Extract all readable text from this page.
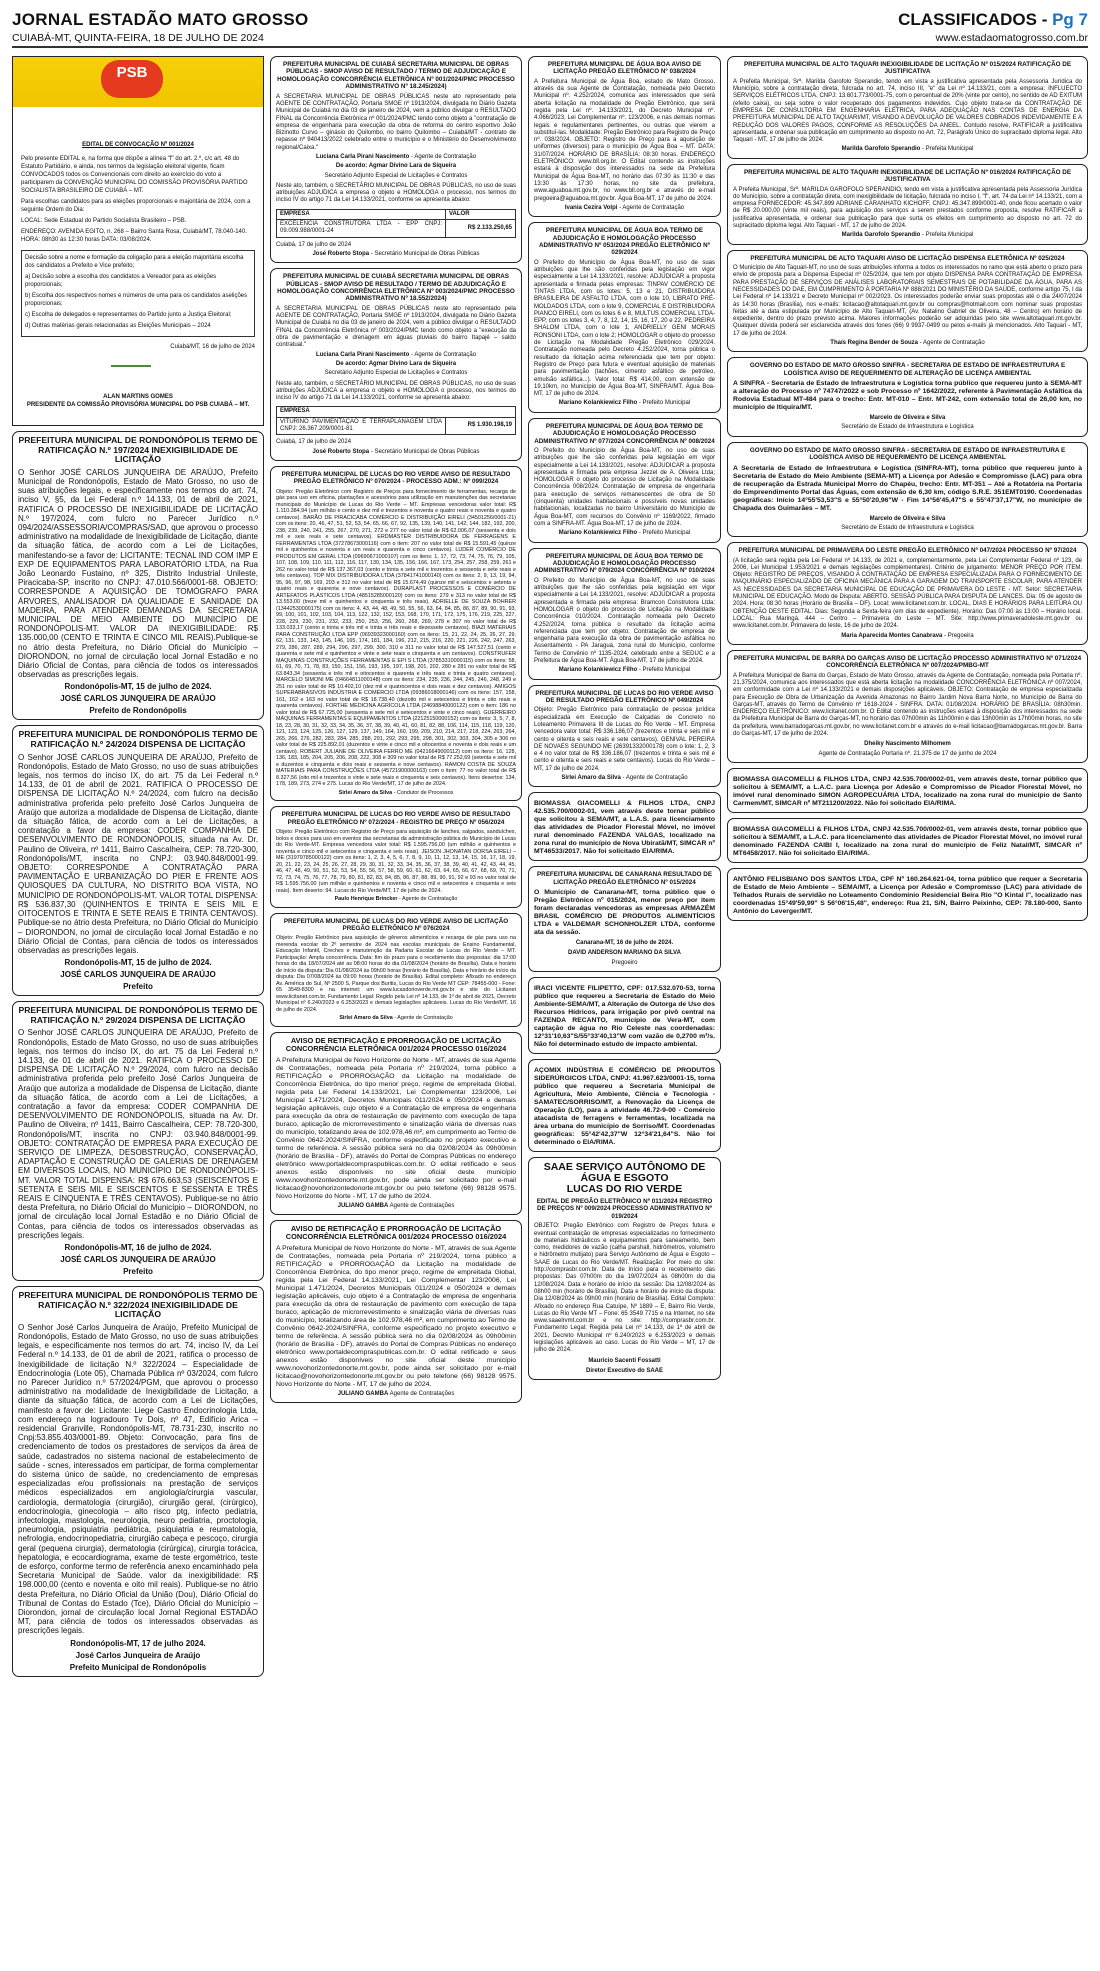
JORNAL ESTADÃO MATO GROSSO
CUIABÁ-MT, QUINTA-FEIRA, 18 DE JULHO DE 2024
CLASSIFICADOS - Pg 7
www.estadaomatogrosso.com.br
PSB
EDITAL DE CONVOCAÇÃO Nº 001/2024

Pelo presente EDITAL e, na forma que dispõe a alínea "f" do art. 2.º, c/c art. 48 do Estatuto Partidário, e ainda, nos termos da legislação eleitoral vigente, ficam CONVOCADOS todos os Convencionais com direito ao exercício do voto a participarem da CONVENÇÃO MUNICIPAL DO COMISSÃO PROVISÓRIA PARTIDO SOCIALISTA BRASILEIRO DE CUIABÁ – MT.

Para escolhas candidatos para as eleições proporcionais e majoritária de 2024, com a seguinte Ordem do Dia:

LOCAL: Sede Estadual do Partido Socialista Brasileiro – PSB.

ENDEREÇO: AVENIDA EGITO, n. 268 – Bairro Santa Rosa, Cuiabá/MT, 78.040-140. HORA: 08h30 às 12:30 horas DATA: 03/08/2024.

Decisão sobre a nome e formação da coligação para a eleição majoritária escolha dos candidatos a Prefeito e Vice prefeito;

a) Decisão sobre a escolha dos candidatos a Vereador para as eleições proporcionais;

b) Escolha dos respectivos nomes e números de uma para os candidatos aselições proporcionais;

c) Escolha de delegados e representantes do Partido junto a Justiça Eleitoral;

d) Outras matérias gerais relacionadas as Eleições Municipais – 2024

Cuiabá/MT, 16 de julho de 2024
ALAN MARTINS GOMES
PRESIDENTE DA COMISSÃO PROVISÓRIA MUNICIPAL DO PSB CUIABÁ – MT.
PREFEITURA MUNICIPAL DE RONDONÓPOLIS TERMO DE RATIFICAÇÃO N.º 197/2024 INEXIGIBILIDADE DE LICITAÇÃO
O Senhor JOSÉ CARLOS JUNQUEIRA DE ARAÚJO, Prefeito Municipal de Rondonópolis, Estado de Mato Grosso, no uso de suas atribuições legais, e especificamente nos termos do art. 74, inciso V, §5, da Lei Federal n.º 14.133, 01 de abril de 2021, RATIFICA O PROCESSO DE INEXIGIBILIDADE DE LICITAÇÃO N.º 197/2024, com fulcro no Parecer Jurídico n.º 094/2024/ASSESSORIA/COMPRAS/SAD, que aprovou o processo administrativo na modalidade de Inexigibilidade de Licitação, diante da situação fática, de acordo com a Lei de Licitações, manifestando-se a favor de: LICITANTE: TECNAL IND COM IMP E EXP DE EQUIPAMENTOS PARA LABORATÓRIO LTDA, na Rua João Leonardo Fustaino, nº 325, Distrito Industrial Unileste, Piracicaba-SP, inscrito no CNPJ: 47.010.566/0001-68. OBJETO: CORRESPONDE A AQUISIÇÃO DE TOMÓGRAFO PARA ÁRVORES, ANALISADOR DA QUALIDADE E SANIDADE DA MADEIRA, PARA ATENDER DEMANDAS DA SECRETARIA MUNICIPAL DE MEIO AMBIENTE DO MUNICÍPIO DE RONDONÓPOLIS-MT. VALOR DA INEXIGIBILIDADE: R$ 135.000,00 (CENTO E TRINTA E CINCO MIL REAIS).Publique-se no átrio desta Prefeitura, no Diário Oficial do Município – DIORONDON, no jornal de circulação local Jornal Estadão e no Diário Oficial de Contas, para ciência de todos os interessados observadas as prescrições legais.
Rondonópolis-MT, 15 de julho de 2024.
JOSÉ CARLOS JUNQUEIRA DE ARAÚJO
Prefeito de Rondonópolis
PREFEITURA MUNICIPAL DE RONDONÓPOLIS TERMO DE RATIFICAÇÃO N.º 24/2024 DISPENSA DE LICITAÇÃO
O Senhor JOSÉ CARLOS JUNQUEIRA DE ARAÚJO, Prefeito de Rondonópolis, Estado de Mato Grosso, no uso de suas atribuições legais, nos termos do inciso IX, do art. 75 da Lei Federal n.º 14.133, de 01 de abril de 2021. RATIFICA O PROCESSO DE DISPENSA DE LICITAÇÃO N.º 24/2024, com fulcro na decisão administrativa proferida pelo prefeito José Carlos Junqueira de Araújo que autoriza a modalidade de Dispensa de Licitação, diante da situação fática, de acordo com a Lei de Licitações, a contratação a favor da empresa: CODER COMPANHIA DE DESENVOLVIMENTO DE RONDONÓPOLIS, situada na Av. Dr. Paulino de Oliveira, nº 1411, Bairro Cascalheira, CEP: 78.720-300, Rondonópolis/MT, inscrita no CNPJ: 03.940.848/0001-99. OBJETO: CORRESPONDE A CONTRATAÇÃO PARA PAVIMENTAÇÃO E URBANIZAÇÃO DO PIER E FRENTE AOS QUIOSQUES DA CULTURA, NO DISTRITO BOA VISTA, NO MUNICÍPIO DE RONDONÓPOLIS-MT. VALOR TOTAL DISPENSA: R$ 536.837,30 (QUINHENTOS E TRINTA E SEIS MIL E OITOCENTOS E TRINTA E SETE REAIS E TRINTA CENTAVOS). Publique-se no átrio desta Prefeitura, no Diário Oficial do Município – DIORONDON, no jornal de circulação local Jornal Estadão e no Diário Oficial de Contas, para ciência de todos os interessados observadas as prescrições legais.
Rondonópolis-MT, 15 de julho de 2024.
JOSÉ CARLOS JUNQUEIRA DE ARAÚJO
Prefeito
PREFEITURA MUNICIPAL DE RONDONÓPOLIS TERMO DE RATIFICAÇÃO N.º 29/2024 DISPENSA DE LICITAÇÃO
O Senhor JOSÉ CARLOS JUNQUEIRA DE ARAÚJO, Prefeito de Rondonópolis, Estado de Mato Grosso, no uso de suas atribuições legais, nos termos do inciso IX, do art. 75 da Lei Federal n.º 14.133, de 01 de abril de 2021. RATIFICA O PROCESSO DE DISPENSA DE LICITAÇÃO N.º 29/2024, com fulcro na decisão administrativa proferida pelo prefeito José Carlos Junqueira de Araújo que autoriza a modalidade de Dispensa de Licitação, diante da situação fática, de acordo com a Lei de Licitações, a contratação a favor da empresa: CODER COMPANHIA DE DESENVOLVIMENTO DE RONDONÓPOLIS, situada na Av. Dr. Paulino de Oliveira, nº 1411, Bairro Cascalheira, CEP: 78.720-300, Rondonópolis/MT, inscrita no CNPJ: 03.940.848/0001-99. OBJETO: CONTRATAÇÃO DE EMPRESA PARA EXECUÇÃO DE SERVIÇO DE LIMPEZA, DESOBSTRUÇÃO, CONSERVAÇÃO, ADAPTAÇÃO E CONSTRUÇÃO DE GALERIAS DE DRENAGEM EM DIVERSOS LOCAIS, NO MUNICÍPIO DE RONDONÓPOLIS-MT. VALOR TOTAL DISPENSA: R$ 676.663,53 (SEISCENTOS E SETENTA E SEIS MIL E SEISCENTOS E SESSENTA E TRÊS REAIS E CINQUENTA E TRÊS CENTAVOS). Publique-se no átrio desta Prefeitura, no Diário Oficial do Município – DIORONDON, no jornal de circulação local Jornal Estadão e no Diário Oficial de Contas, para ciência de todos os interessados observadas as prescrições legais.
Rondonópolis-MT, 16 de julho de 2024.
JOSÉ CARLOS JUNQUEIRA DE ARAÚJO
Prefeito
PREFEITURA MUNICIPAL DE RONDONÓPOLIS TERMO DE RATIFICAÇÃO N.º 322/2024 INEXIGIBILIDADE DE LICITAÇÃO
O Senhor José Carlos Junqueira de Araújo, Prefeito Municipal de Rondonópolis, Estado de Mato Grosso, no uso de suas atribuições legais, e especificamente nos termos do art. 74, inciso IV, da Lei Federal n.º 14.133, de 01 de abril de 2021, ratifica o processo de Inexigibilidade de licitação N.º 322/2024 – Especialidade de Endocrinologia (Lote 05), Chamada Pública nº 03/2024, com fulcro no Parecer Jurídico n.º 57/2024/PGM, que aprovou o processo administrativo na modalidade de Inexigibilidade de Licitação, a diante da situação fática, de acordo com a Lei de Licitações, manifesto a favor de: Licitante: Liege Castro Endocrinologia Ltda, com endereço na logradouro Tv Dois, nº 47, Edifício Arica – residencial Granville, Rondonópolis-MT, 78.731-230, inscrito no Cnpj:53.855.403/0001-89. Objeto: Convocação, para fins de credenciamento de todos os prestadores de serviços da área de saúde, cadastrados no sistema nacional de estabelecimento de saúde - scnes, interessados em participar, de forma complementar do sistema único de saúde, no credenciamento de empresas especializadas e/ou profissionais na prestação de serviços médicos especializados em angiologia/cirurgia vascular, cardiologia, dermatologia (cirurgião), cirurgião geral, (cirúrgico), endocrinologia, ginecologia – alto risco ptg, infecto pediatria, infectologia, mastologia, neurologia, neuro pediatria, proctologia, pneumologia, psiquiatria pediátrica, psiquiatria e reumatologia, nefrologia, endocrinopediatria, cirurgião cabeça e pescoço, cirurgia geral (pequena cirurgia), dermatologia (cirúrgica), cirurgia torácica, hepatologia, e ecocardiograma, exame de teste ergométrico, teste de esforço, conforme termo de referência anexo encaminhado pela Secretaria Municipal de Saúde. valor da inexigibilidade: R$ 198.000,00 (cento e noventa e oito mil reais). Publique-se no átrio desta Prefeitura, no Diário Oficial da União (Dou), Diário Oficial do Tribunal de Contas do Estado (Tce), Diário Oficial do Município – Diorondon, jornal de circulação local Jornal Regional ESTADÃO MT, para ciência de todos os interessados observadas as prescrições legais.
Rondonópolis-MT, 17 de julho 2024.
José Carlos Junqueira de Araújo
Prefeito Municipal de Rondonópolis
PREFEITURA MUNICIPAL DE CUIABÁ SECRETARIA MUNICIPAL DE OBRAS PÚBLICAS - SMOP AVISO DE RESULTADO / TERMO DE ADJUDICAÇÃO E HOMOLOGAÇÃO CONCORRÊNCIA ELETRÔNICA Nº 001/2024/PMC PROCESSO ADMINISTRATIVO Nº 18.245/2024)
A SECRETARIA MUNICIPAL DE OBRAS PÚBLICAS neste ato representado pela AGENTE DE CONTRATAÇÃO, Portaria SMGE nº 1913/2024, divulgada no Diário Gazeta Municipal de Cuiabá no dia 03 de janeiro de 2024, vem a público divulgar o RESULTADO FINAL da Concorrência Eletrônica nº 001/2024/PMC tendo como objeto a "contratação de empresa de engenharia para execução da obra de reforma do centro esportivo João Bizinotto Curvo – ginásio do Quilombo, no bairro Quilombo – Cuiabá/MT - contrato de repasse nº 940413/2022 celebrado entre o município e o Ministério do Desenvolvimento regional/Caixa."
Luciana Carla Pirani Nascimento - Agente de Contratação
De acordo: Agmar Divino Lara de Siqueira
Secretário Adjunto Especial de Licitações e Contratos
Neste ato, também, o SECRETÁRIO MUNICIPAL DE OBRAS PÚBLICAS, no uso de suas atribuições ADJUDICA a empresa o objeto e HOMOLOGA o processo, nos termos do inciso IV do artigo 71 da Lei 14.133/2021, conforme se apresenta abaixo:
EMPRESA	VALOR
EXCELÊNCIA CONSTRUTORA LTDA - EPP CNPJ: 09.009.988/0001-24	R$ 2.133.250,65
Cuiabá, 17 de julho de 2024
José Roberto Stopa - Secretário Municipal de Obras Públicas
PREFEITURA MUNICIPAL DE CUIABÁ SECRETARIA MUNICIPAL DE OBRAS PÚBLICAS - SMOP AVISO DE RESULTADO / TERMO DE ADJUDICAÇÃO E HOMOLOGAÇÃO CONCORRÊNCIA ELETRÔNICA Nº 003/2024/PMC PROCESSO ADMINISTRATIVO Nº 18.552/2024)
A SECRETARIA MUNICIPAL DE OBRAS PÚBLICAS neste ato representado pela AGENTE DE CONTRATAÇÃO, Portaria SMGE nº 1913/2024, divulgada no Diário Gazeta Municipal de Cuiabá no dia 03 de janeiro de 2024, vem a público divulgar o RESULTADO FINAL da Concorrência Eletrônica nº 003/2024/PMC tendo como objeto a "execução da obra de pavimentação e drenagem em águas pluviais do bairro Itapajé – saldo contratual."
Luciana Carla Pirani Nascimento - Agente de Contratação
De acordo: Agmar Divino Lara de Siqueira
Secretário Adjunto Especial de Licitações e Contratos
Neste ato, também, o SECRETÁRIO MUNICIPAL DE OBRAS PÚBLICAS, no uso de suas atribuições ADJUDICA a empresa o objeto e HOMOLOGA o processo, nos termos do inciso IV do artigo 71 da Lei 14.133/2021, conforme se apresenta abaixo:
EMPRESA
VITURINO PAVIMENTAÇÃO E TERRAPLANAGEM LTDA CNPJ: 26.367.209/0001-81	R$ 1.930.198,19
Cuiabá, 17 de julho de 2024
José Roberto Stopa - Secretário Municipal de Obras Públicas
PREFEITURA MUNICIPAL DE LUCAS DO RIO VERDE AVISO DE RESULTADO PREGÃO ELETRÔNICO Nº 070/2024 - PROCESSO ADM.: Nº 099/2024
Objeto: Pregão Eletrônico com Registro de Preços para fornecimento de ferramentas, recarga de gás para uso em oficina, plantações e acessórios para utilização em manutenções das secretarias municipais do Município de Lucas do Rio Verde – MT. Empresas vencedoras valor total: R$ 1.110.384,94 (um milhão e cento e dez mil e trezentos e noventa e quatro reais e noventa e quatro centavos). BARÃO DE PIRACICABA COMÉRCIO E DISTRIBUIÇÃO EIRELI (34501256/0001-21) com os itens: 20, 46, 47, 51, 52, 53, 54, 65, 66, 67, 92, 135, 139, 140, 141, 142, 144, 182, 192, 200, 238, 239, 240, 241, 255, 267, 270, 271, 272 e 277 no valor total de R$ 62.006,07 (sessenta e dois mil e seis reais e sete centavos). ERDMASTER DISTRIBUIDORA DE FERRAGENS E FERRAMENTAS LTDA (37278673000116) com o item: 207 no valor total de R$ 15.591,45 (quinze mil e quinhentos e noventa e um reais e quarenta e cinco centavos). LUDER COMÉRCIO DE PRODUTOS EM GERAL LTDA (09690671000107) com os itens: 1, 17, 72, 73, 74, 75, 76, 79, 105, 107, 108, 109, 110, 111, 112, 116, 117, 130, 134, 135, 156, 166, 167, 173, 254, 257, 258, 259, 261 e 262 no valor total de R$ 137.367,03 (cento e trinta e sete mil e trezentos e sessenta e sete reais e três centavos). TOP MIX DISTRIBUIDORA LTDA (37841741000140) com os itens: 2, 9, 13, 19, 94, 95, 96, 97, 98, 169, 203 e 312 no valor total de R$ 15.674,49 (quinze mil e seiscentos e setenta e quatro reais e quarenta e nove centavos). DURAPLAST PROCESSOS E COMÉRCIO DE ARTEFATOS PLÁSTICOS LTDA (48515285000120) com os itens: 279 e 313 no valor total de R$ 13.553,00 (treze mil e quinhentos e cinquenta e três reais). ADRIELLE DE SOUZA BOHRER (13442530000175) com os itens: 4, 43, 44, 48, 49, 50, 55, 56, 63, 64, 84, 85, 86, 87, 89, 90, 91, 93, 99, 100, 101, 102, 103, 104, 113, 122, 132, 152, 153, 168, 170, 171, 172, 175, 176, 219, 225, 227, 228, 229, 230, 231, 232, 233, 250, 253, 256, 260, 268, 269, 278 e 307 no valor total de R$ 133.033,17 (cento e trinta e três mil e trinta e três reais e dezessete centavos). BIAZI MATERIAIS PARA CONSTRUÇÃO LTDA EPP (06939323000160) com os itens: 15, 21, 22, 24, 25, 26, 27, 29, 62, 131, 133, 143, 145, 146, 165, 174, 181, 184, 196, 212, 215, 216, 220, 221, 226, 242, 247, 263, 279, 286, 287, 289, 294, 296, 297, 299, 300, 310 e 311 no valor total de R$ 147.527,51 (cento e quarenta e sete mil e quinhentos e vinte e sete reais e cinquenta e um centavos). CONSTRUFER MAQUINAS CONSTRUÇÕES FERRAMENTAS E EPI S LTDA (37853310000115) com os itens: 58, 61, 69, 70, 71, 78, 83, 150, 151, 156, 193, 195, 197, 198, 201, 202, 280 e 281 no valor total de R$ 63.843,34 (sessenta e três mil e oitocentos e quarenta e três reais e trinta e quatro centavos). MARCELO SIMONI ME (04664811000148) com os itens: 234, 235, 236, 244, 245, 246, 248, 249 e 251 no valor total de R$ 10.402,10 (dez mil e quatrocentos e dois reais e dez centavos). AMIGOS SUPERABRASIVOS INDÚSTRIA E COMÉRCIO LTDA (09386018000146) com os itens: 157, 158, 161, 162 e 163 no valor total de R$ 18.738,40 (dezoito mil e setecentos e trinta e oito reais e quarenta centavos). FORTHE MEDICINA AGRÍCOLA LTDA (24698840000122) com o item: 186 no valor total de R$ 67.725,00 (sessenta e sete mil e setecentos e vinte e cinco reais). GUERREIRO MÁQUINAS FERRAMENTAS E EQUIPAMENTOS LTDA (22125150000152) com os itens: 3, 5, 7, 8, 18, 23, 28, 30, 31, 32, 33, 34, 35, 36, 37, 38, 39, 40, 41, 60, 81, 82, 88, 106, 114, 115, 118, 119, 120, 121, 123, 124, 125, 126, 127, 129, 137, 149, 164, 160, 199, 209, 210, 214, 217, 218, 224, 263, 264, 265, 266, 276, 282, 283, 284, 285, 288, 291, 292, 293, 295, 298, 301, 302, 303, 304, 305 e 306 no valor total de R$ 225.892,01 (duzentos e vinte e cinco mil e oitocentos e noventa e dois reais e um centavo). ROBERT JULIANE DE OLIVEIRA FERRO ME (04216649000112) com os itens: 16, 128, 136, 183, 185, 204, 205, 206, 208, 222, 308 e 309 no valor total de R$ 77.252,69 (setenta e sete mil e duzentos e cinquenta e dois reais e sessenta e nove centavos). RAMON COSTA DE SOUZA MATERIAIS PARA CONSTRUÇÕES LTDA (45721900000163) com o item: 77 no valor total de R$ 8.327,56 (oito mil e trezentos e vinte e sete reais e cinquenta e seis centavos). Itens desertos: 134, 178, 189, 273, 274 e 275. Lucas do Rio Verde/MT, 17 de julho de 2024.
Sirlei Amaro da Silva - Condutor de Processos
PREFEITURA MUNICIPAL DE LUCAS DO RIO VERDE AVISO DE RESULTADO PREGÃO ELETRÔNICO Nº 072/2024 - REGISTRO DE PREÇO Nº 056/2024
Objeto: Pregão Eletrônico com Registro de Preço para aquisição de lanches, salgados, sanduíches, bolos e doces para uso em eventos das secretarias da administração pública do Município de Lucas do Rio Verde-MT. Empresa vencedora valor total: R$ 1.595.756,00 (um milhão e quinhentos e noventa e cinco mil e setecentos e cinquenta e seis reais). JEISON JHONATAN DORSA EIRELI – ME (31979785000122) com os itens: 1, 2, 3, 4, 5, 6, 7, 8, 9, 10, 11, 12, 13, 14, 15, 16, 17, 18, 19, 20, 21, 22, 23, 24, 25, 26, 27, 28, 29, 30, 31, 32, 33, 34, 35, 36, 37, 38, 39, 40, 41, 42, 43, 44, 45, 46, 47, 48, 49, 50, 51, 52, 53, 54, 55, 56, 57, 58, 59, 60, 61, 62, 63, 64, 65, 66, 67, 68, 69, 70, 71, 72, 73, 74, 75, 76, 77, 78, 79, 80, 81, 82, 83, 84, 85, 86, 87, 88, 89, 90, 91, 92 e 93 no valor total de R$ 1.595.756,00 (um milhão e quinhentos e noventa e cinco mil e setecentos e cinquenta e seis reais). Item deserto: 94. Lucas do Rio Verde/MT, 17 de julho de 2024.
Paulo Henrique Brincker - Agente de Contratação
PREFEITURA MUNICIPAL DE LUCAS DO RIO VERDE AVISO DE LICITAÇÃO PREGÃO ELETRÔNICO Nº 076/2024
Objeto: Pregão Eletrônico para aquisição de gêneros alimentícios e recarga de gás para uso na merenda escolar do 2º semestre de 2024 nas escolas municipais de Ensino Fundamental, Educação Infantil, Creches e manutenção da Padaria Escolar de Lucas do Rio Verde – MT. Participação: Ampla concorrência. Data: fim do prazo para o recebimento das propostas: dia 17:00 horas do dia 18/07/2024 até as 08:00 horas do dia 01/08/2024 (horário de Brasília). Data e horário de início da disputa: Dia 01/08/2024 às 09h00 horas (horário de Brasília). Data e horário de início da disputa: Dia 07/08/2024 às 09:00 horas (horário de Brasília). Edital completo: Afixado no endereço Av. América do Sul, Nº 2500 S, Parque dos Buritis, Lucas do Rio Verde MT CEP: 78455-000 - Fone: 65 3549-8300 e na internet: um www.lucasdorioverde.mt.gov.br e site do Licitanet www.licitanet.com.br. Fundamento Legal: Regido pela Lei nº 14.133, de 1º de abril de 2021, Decreto Municipal nº 6.240/2023 e 6.253/2023 e demais legislações aplicáveis. Lucas do Rio Verde/MT, 16 de julho de 2024.
Sirlei Amaro da Silva - Agente de Contratação
AVISO DE RETIFICAÇÃO E PRORROGAÇÃO DE LICITAÇÃO CONCORRÊNCIA ELETRÔNICA 001/2024 PROCESSO 016/2024
A Prefeitura Municipal de Novo Horizonte do Norte - MT, através de sua Agente de Contratações, nomeada pela Portaria nº 219/2024, torna público a RETIFICAÇÃO e PRORROGAÇÃO da Licitação na modalidade de Concorrência Eletrônica, do tipo menor preço, regime de empreitada Global, regida pela Lei Federal 14.133/2021, Lei Complementar 123/2006, Lei Municipal 1.471/2024, Decretos Municipais 011/2024 e 050/2024 e demais legislação aplicáveis, cujo objeto é a Contratação de empresa de engenharia para execução da obra de restauração de pavimento com execução de tapa buraco, aplicação de microrrevestimento e sinalização viária de diversas ruas do município, totalizando área de 102.978,46 m², em cumprimento ao Termo de Convênio 0642-2024/SINFRA, conforme especificado no projeto executivo e termo de referência. A sessão pública será no dia 02/08/2024 às 09h00min (horário de Brasília - DF), através do Portal de Compras Públicas no endereço eletrônico www.portaldecompraspublicas.com.br. O edital retificado e seus anexos estão disponíveis no site oficial deste município www.novohorizontedonorte.mt.gov.br, pode ainda ser solicitado por e-mail licitacao@novohorizontedonorte.mt.gov.br ou pelo telefone (66) 98128 9575. Novo Horizonte do Norte - MT, 17 de julho de 2024.
JULIANO GAMBA Agente de Contratações
AVISO DE RETIFICAÇÃO E PRORROGAÇÃO DE LICITAÇÃO CONCORRÊNCIA ELETRÔNICA 001/2024 PROCESSO 016/2024
A Prefeitura Municipal de Novo Horizonte do Norte - MT, através de sua Agente de Contratações, nomeada pela Portaria nº 219/2024, torna público a RETIFICAÇÃO e PRORROGAÇÃO da Licitação na modalidade de Concorrência Eletrônica, do tipo menor preço, regime de empreitada Global, regida pela Lei Federal 14.133/2021, Lei Complementar 123/2006, Lei Municipal 1.471/2024, Decretos Municipais 011/2024 e 050/2024 e demais legislação aplicáveis, cujo objeto é a Contratação de empresa de engenharia para execução da obra de restauração de pavimento com execução de tapa buraco, aplicação de microrrevestimento e sinalização viária de diversas ruas do município, totalizando área de 102.978,46 m², em cumprimento ao Termo de Convênio 0642-2024/SINFRA, conforme especificado no projeto executivo e termo de referência. A sessão pública será no dia 02/08/2024 às 09h00min (horário de Brasília - DF), através do Portal de Compras Públicas no endereço eletrônico www.portaldecompraspublicas.com.br. O edital retificado e seus anexos estão disponíveis no site oficial deste município www.novohorizontedonorte.mt.gov.br, pode ainda ser solicitado por e-mail licitacao@novohorizontedonorte.mt.gov.br ou pelo telefone (66) 98128 9575. Novo Horizonte do Norte - MT, 17 de julho de 2024.
JULIANO GAMBA Agente de Contratações
PREFEITURA MUNICIPAL DE ÁGUA BOA AVISO DE LICITAÇÃO PREGÃO ELETRÔNICO Nº 038/2024
A Prefeitura Municipal de Água Boa, estado de Mato Grosso, através da sua Agente de Contratação, nomeada pelo Decreto Municipal nº. 4.252/2024, comunica aos interessados que será aberta licitação na modalidade de Pregão Eletrônico, que será regida pela Lei nº. 14.133/2021, do Decreto Municipal nº. 4.066/2023, Lei Complementar nº. 123/2006, e nas demais normas legais e regulamentares pertinentes, ou outras que vierem a substituí-las. Modalidade: Pregão Eletrônico para Registro de Preço nº. 038/2024. OBJETO: Registro de Preço para a aquisição de uniformes (diversos) para o município de Água Boa – MT. DATA: 31/07/2024. HORÁRIO DE BRASÍLIA: 08:30 horas. ENDEREÇO ELETRÔNICO: www.bll.org.br. O Edital contendo as instruções estará à disposição dos interessados na sede da Prefeitura Municipal de Água Boa-MT, no horário das 07:30 às 11:30 e das 13:30 às 17:30 horas, no site da prefeitura, www.aguaboa.mt.gov.br, no www.bll.org.br e através do e-mail pregoeira@aguaboa.mt.gov.br. Água Boa-MT, 17 de julho de 2024.
Ivania Cezira Volpi - Agente de Contratação
PREFEITURA MUNICIPAL DE ÁGUA BOA TERMO DE ADJUDICAÇÃO E HOMOLOGAÇÃO PROCESSO ADMINISTRATIVO Nº 053/2024 PREGÃO ELETRÔNICO Nº 029/2024
O Prefeito do Município de Água Boa-MT, no uso de suas atribuições que lhe são conferidas pela legislação em vigor especialmente a Lei 14.133/2021, resolve: ADJUDICAR a proposta apresentada e firmada pelas empresas: TINPAV COMÉRCIO DE TINTAS LTDA, com os lotes: 5, 13 e 21, DISTRIBUIDORA BRASILEIRA DE ASFALTO LTDA, com o lote 10, LIBRATO PRÉ-MOLDADOS LTDA, com o lote 9, COMERCIAL E DISTRIBUIDORA PIANCO EIRELI, com os lotes 6 e 8, MULTUS COMERCIAL LTDA-EPP, com os lotes 3, 4, 7, 8, 12, 14, 15, 16, 17, 20 e 22, PEDREIRA SHALOM LTDA, com o lote 1, ANDRIELLY GENI MORAIS RONSONI LTDA, com o lote 2; HOMOLOGAR o objeto do processo de Licitação na Modalidade Pregão Eletrônico 029/2024. Contratação nomeada pelo Decreto 4.252/2024, torna pública o resultado da licitação acima referenciada que tem por objeto: Registro de Preço para futura e eventual aquisição de materiais para pavimentação (tachões, cimento asfáltico de petróleo, emulsão asfáltica...). Valor total: R$ 414,00, com extensão de 19,10km, no Município de Água Boa-MT, SINFRA/MT. Água Boa-MT, 17 de julho de 2024.
Mariano Kolankiewicz Filho - Prefeito Municipal
PREFEITURA MUNICIPAL DE ÁGUA BOA TERMO DE ADJUDICAÇÃO E HOMOLOGAÇÃO PROCESSO ADMINISTRATIVO Nº 077/2024 CONCORRÊNCIA Nº 008/2024
O Prefeito do Município de Água Boa-MT, no uso de suas atribuições que lhe são conferidas pela legislação em vigor especialmente a Lei 14.133/2021, resolve: ADJUDICAR a proposta apresentada e firmada pela empresa Jezzel de A. Oliveira Ltda; HOMOLOGAR o objeto do processo de Licitação na Modalidade Concorrência 008/2024. Contratação de empresa de engenharia para execução de serviços remanescentes de obra de 50 (cinquenta) unidades habitacionais e possíveis novas unidades habitacionais, localizadas no bairro Universitário do Município de Água Boa-MT, com recursos do Convênio nº 1169/2022, firmado com a SINFRA-MT. Água Boa-MT, 17 de julho de 2024.
Mariano Kolankiewicz Filho - Prefeito Municipal
PREFEITURA MUNICIPAL DE ÁGUA BOA TERMO DE ADJUDICAÇÃO E HOMOLOGAÇÃO PROCESSO ADMINISTRATIVO Nº 079/2024 CONCORRÊNCIA Nº 010/2024
O Prefeito do Município de Água Boa-MT, no uso de suas atribuições que lhe são conferidas pela legislação em vigor especialmente a Lei 14.133/2021, resolve: ADJUDICAR a proposta apresentada e firmada pela empresa: Bramcon Construtora Ltda; HOMOLOGAR o objeto do processo de Licitação na Modalidade Concorrência 010/2024. Contratação nomeada pelo Decreto 4.252/2024, torna pública o resultado da licitação acima referenciada que tem por objeto: Contratação de empresa de engenharia para execução da obra de pavimentação asfáltica no Assentamento - PA Jaraguá, zona rural do Município, conforme Termo de Convênio nº 1135-2024, celebrado entre a SEDUC e a Prefeitura de Água Boa-MT. Água Boa-MT, 17 de julho de 2024.
Mariano Kolankiewicz Filho - Prefeito Municipal
PREFEITURA MUNICIPAL DE LUCAS DO RIO VERDE AVISO DE RESULTADO PREGÃO ELETRÔNICO Nº 049/2024
Objeto: Pregão Eletrônico para contratação de pessoa jurídica especializada em Execução de Calçadas de Concreto no Loteamento Primavera III de Lucas do Rio Verde - MT. Empresa vencedora valor total: R$ 336.186,07 (trezentos e trinta e seis mil e cento e oitenta e seis reais e sete centavos). GENIVAL PEREIRA DE NOVAES SEGUNDO ME (26391332000178) com o lote: 1, 2, 3 e 4 no valor total de R$ 336.186,07 (trezentos e trinta e seis mil e cento e oitenta e seis reais e sete centavos). Lucas do Rio Verde – MT, 17 de julho de 2024.
Sirlei Amaro da Silva - Agente de Contratação
BIOMASSA GIACOMELLI & FILHOS LTDA, CNPJ 42.535.700/0002-01, vem através deste tornar público que solicitou à SEMA/MT, a L.A.S. para licenciamento das atividades de Picador Florestal Móvel, no imóvel rural denominado FAZENDA VALGAS, localizado na zona rural do município de Nova Ubiratã/MT, SIMCAR nº MT46533/2017. Não foi solicitado EIA/RIMA.
PREFEITURA MUNICIPAL DE CANARANA RESULTADO DE LICITAÇÃO PREGÃO ELETRÔNICO Nº 015/2024
O Município de Canarana-MT, torna público que o Pregão Eletrônico nº 015/2024, menor preço por item foram declaradas vencedoras as empresas ARMAZÉM BRASIL COMÉRCIO DE PRODUTOS ALIMENTÍCIOS LTDA e VALDEMAR SCHONHOLZER LTDA, conforme ata da sessão.
Canarana-MT, 16 de julho de 2024.
DAVID ANDERSON MARIANO DA SILVA
Pregoeiro
IRACI VICENTE FILIPETTO, CPF: 017.532.070-53, torna público que requereu a Secretaria de Estado do Meio Ambiente-SEMA/MT, a Alteração de Outorga de Uso dos Recursos Hídricos, para irrigação por pivô central na FAZENDA RECANTO, município de Vera-MT, com captação de água no Rio Celeste nas coordenadas: 12°31'10,63"S/55°33'40,13"W com vazão de 0,2700 m³/s. Não foi determinado estudo de impacto ambiental.
AÇOMIX INDÚSTRIA E COMÉRCIO DE PRODUTOS SIDERÚRGICOS LTDA, CNPJ: 41.967.623/0001-15, torna público que requereu a Secretaria Municipal de Agricultura, Meio Ambiente, Ciência e Tecnologia - SAMATEC/SORRISO/MT, a Renovação da Licença de Operação (LO), para a atividade 46.72-9-00 - Comércio atacadista de ferragens e ferramentas, localizada na área urbana do município de Sorriso/MT. Coordenadas geográficas: 55°42'42,37"W 12°34'21,64"S. Não foi determinado o EIA/RIMA.
SAAE SERVIÇO AUTÔNOMO DE ÁGUA E ESGOTO
LUCAS DO RIO VERDE
EDITAL DE PREGÃO ELETRÔNICO Nº 011/2024 REGISTRO DE PREÇOS Nº 009/2024 PROCESSO ADMINISTRATIVO Nº 019/2024
OBJETO: Pregão Eletrônico com Registro de Preços futura e eventual contratação de empresas especializadas no fornecimento de materiais hidráulicos e equipamentos para saneamento, bem como, medidores de vazão (calha parshall, hidrômetros, volumetro e hidrômetro mutijato) para Serviço Autônomo de Água e Esgoto – SAAE de Lucas do Rio Verde/MT. Realização: Por meio do site: http://comprasbr.com.br. Data de Início para o recebimento das propostas: Das 07h00m do dia 19/07/2024 às 08h00m do dia 12/08/2024. Data e horário de início da sessão: Dia 12/08/2024 às 08h00 min (horário de Brasília). Data e horário de início da disputa: Dia 12/08/2024 às 09h00 min (horário de Brasília). Edital Completo: Afixado no endereço Rua Catuípe, Nº 1889 – E, Bairro Rio Verde, Lucas do Rio Verde MT – Fone: 65 3549 7715 e na Internet, no site www.saaelrvmt.com.br e no site: http://comprasbr.com.br. Fundamento Legal: Regida pela Lei nº 14.133, de 1º de abril de 2021, Decreto Municipal nº 6.240/2023 e 6.253/2023 e demais legislações aplicáveis ao caso. Lucas do Rio Verde – MT, 17 de julho de 2024.
Mauricio Sacenti Fossatti
Diretor Executivo do SAAE
PREFEITURA MUNICIPAL DE ALTO TAQUARI INEXIGIBILIDADE DE LICITAÇÃO Nº 015/2024 RATIFICAÇÃO DE JUSTIFICATIVA
A Prefeita Municipal, Srª. Marilda Garofolo Sperandio, tendo em vista a justificativa apresentada pela Assessoria Jurídica do Município, sobre a contratação direta, fulcrada no art. 74, inciso III, "e" da Lei nº 14.133/21, com a empresa: INFLUECTO SERVIÇOS ELÉTRICOS LTDA, CNPJ: 13.601.773/0001-75, com o percentual de 20% (vinte por cento), no sentido de AD EXITUM (efeito caixa), ou seja sobre o valor recuperado dos pagamentos indevidos. Cujo objeto trata-se da CONTRATAÇÃO DE EMPRESA DE CONSULTORIA EM ENGENHARIA ELÉTRICA, PARA ADEQUAÇÃO NAS CONTAS DE ENERGIA DA PREFEITURA MUNICIPAL DE ALTO TAQUARI/MT, VISANDO A DEVOLUÇÃO DE VALORES COBRADOS INDEVIDAMENTE E A REDUÇÃO DOS VALORES PAGOS, CONFORME AS RESOLUÇÕES DA ANEEL. Contudo resolve, RATIFICAR a justificativa apresentada, e ordenar sua publicação em cumprimento ao disposto no Art. 72, Parágrafo Único do supracitado diploma legal. Alto Taquari - MT, 17 de julho de 2024.
Marilda Garofolo Sperandio - Prefeita Municipal
PREFEITURA MUNICIPAL DE ALTO TAQUARI INEXIGIBILIDADE DE LICITAÇÃO Nº 016/2024 RATIFICAÇÃO DE JUSTIFICATIVA
A Prefeita Municipal, Srª. MARILDA GAROFOLO SPERANDIO, tendo em vista a justificativa apresentada pela Assessoria Jurídica do Município, sobre a contratação direta, com inexigibilidade de licitação, fulcrada no inciso I, "f", art. 74 da Lei nº 14.133/21, com a empresa FORNECEDOR: 45.347.899 ADRIANE CARANHATO KICHOFF, CNPJ: 45.347.899/0001-40, onde ficou acertado o valor de R$ 20.000,00 (vinte mil reais), para aquisição dos serviços a serem prestados conforme proposta, resolve RATIFICAR a justificativa apresentada, e ordenar sua publicação para que surta os efeitos em cumprimento ao disposto no art. 72 do supracitado diploma legal. Alto Taquari - MT, 17 de julho de 2024.
Marilda Garofolo Sperandio - Prefeita Municipal
PREFEITURA MUNICIPAL DE ALTO TAQUARI AVISO DE LICITAÇÃO DISPENSA ELETRÔNICA Nº 025/2024
O Município de Alto Taquari-MT, no uso de suas atribuições informa a todos os interessados no ramo que está aberto o prazo para envio de proposta para a Dispensa Especial nº 025/2024, que tem por objeto DISPENSA PARA CONTRATAÇÃO DE EMPRESA PARA PRESTAÇÃO DE SERVIÇOS DE ANÁLISES LABORATORIAIS SEMESTRAIS DE POTABILIDADE DA ÁGUA, PARA AS NECESSIDADES DO DAE, EM CUMPRIMENTO À PORTARIA Nº 888/2021 DO MINISTÉRIO DA SAÚDE, conforme artigo 75, I da Lei Federal nº 14.133/21 e Decreto Municipal nº 002/2023. Os interessados poderão enviar suas propostas até o dia 24/07/2024 às 14:30 horas (Brasília), nos e-mails: licitacao@altotaquari.mt.gov.br ou compras@hotmail.com com nominar suas propostas feitas até a data estipulada por Município de Alto Taquari-MT, (Av. Natalino Gabriel de Oliveira, 48 – Centro) em horário de expediente, dentro do prazo previsto acima. Maiores informações poderão ser adquiridas pelo site www.altotaquari.mt.gov.br. Qualquer dúvida poderá ser esclarecida através dos fones (66) 9 9937-0499 ou pelos e-mails já mencionados. Alto Taquari - MT, 17 de julho de 2024.
Thaís Regina Bender de Souza - Agente de Contratação
GOVERNO DO ESTADO DE MATO GROSSO SINFRA - SECRETARIA DE ESTADO DE INFRAESTRUTURA E LOGÍSTICA AVISO DE REQUERIMENTO DE ALTERAÇÃO DE LICENÇA AMBIENTAL
A SINFRA - Secretaria de Estado de Infraestrutura e Logística torna público que requereu junto à SEMA-MT a alteração do Processo nº 74747/2022 e sob Processo nº 1642/2022, referente à Pavimentação Asfáltica da Rodovia Estadual MT-484 para o trecho: Entr. MT-010 – Entr. MT-242, com extensão total de 26,00 km, no município de Itiquira/MT.
Marcelo de Oliveira e Silva
Secretário de Estado de Infraestrutura e Logística
GOVERNO DO ESTADO DE MATO GROSSO SINFRA - SECRETARIA DE ESTADO DE INFRAESTRUTURA E LOGÍSTICA AVISO DE REQUERIMENTO DE LICENÇA AMBIENTAL
A Secretaria de Estado de Infraestrutura e Logística (SINFRA-MT), torna público que requereu junto à Secretaria de Estado do Meio Ambiente (SEMA-MT) a Licença por Adesão e Compromisso (LAC) para obra de recuperação da Estrada Municipal Morro do Chapéu, trecho: Entr. MT-351 – Até a Rotatória na Portaria do Empreendimento Portal das Águas, com extensão de 6,30 km, código S.R.E. 351EMT0190. Coordenadas geográficas: Início 14°55'53,53"S e 55°50'20,96"W - Fim 14°56'45,47"S e 55°47'37,17"W, no município de Chapada dos Guimarães – MT.
Marcelo de Oliveira e Silva
Secretário de Estado de Infraestrutura e Logística
PREFEITURA MUNICIPAL DE PRIMAVERA DO LESTE PREGÃO ELETRÔNICO Nº 047/2024 PROCESSO Nº 97/2024
(A licitação será regida pela Lei Federal nº 14.133, de 2021 e, complementarmente, pela Lei Complementar Federal nº 123, de 2006, Lei Municipal 1.953/2021 e demais legislações complementares). Critério de julgamento: MENOR PREÇO POR ITEM. Objeto: REGISTRO DE PREÇOS, VISANDO A CONTRATAÇÃO DE EMPRESA ESPECIALIZADA PARA O FORNECIMENTO DE MAQUINÁRIO ESPECIALIZADO DE OFICINA MECÂNICA PARA A GARAGEM DO TRANSPORTE ESCOLAR, PARA ATENDER AS NECESSIDADES DA SECRETARIA MUNICIPAL DE EDUCAÇÃO DE PRIMAVERA DO LESTE - MT. Setor: SECRETARIA MUNICIPAL DE EDUCAÇÃO. Modo de Disputa: ABERTO. SESSÃO PÚBLICA PARA DISPUTA DE LANCES. Dia: 05 de agosto de 2024. Hora: 08:30 horas (Horário de Brasília – DF). Local: www.licitanet.com.br. LOCAL, DIAS E HORÁRIOS PARA LEITURA OU OBTENÇÃO DESTE EDITAL: Dias: Segunda a Sexta-feira (em dias de expediente). Horário: Das 07:00 às 13:00 – Horário local. LOCAL: Rua Maringá, 444 – Centro – Primavera do Leste – MT. Site: http://www.primaveradoleste.mt.gov.br ou www.licitanet.com.br. Primavera do leste, 16 de julho de 2024.
Maria Aparecida Montes Canabrava - Pregoeira
PREFEITURA MUNICIPAL DE BARRA DO GARÇAS AVISO DE LICITAÇÃO PROCESSO ADMINISTRATIVO Nº 071/2024 CONCORRÊNCIA ELETRÔNICA Nº 007/2024/PMBG-MT
A Prefeitura Municipal de Barra do Garças, Estado de Mato Grosso, através da Agente de Contratação, nomeada pela Portaria nº. 21.375/2024, comunica aos interessados que está aberta licitação na modalidade CONCORRÊNCIA ELETRÔNICA nº 007/2024, em conformidade com a Lei nº 14.133/2021 e demais disposições aplicáveis. OBJETO: Contratação de empresa especializada para Execução de Obra de Urbanização da Avenida Amazonas no Bairro Jardim Nova Barra Norte, no Município de Barra do Garças-MT, através do Termo de Convênio nº 1618-2024 - SINFRA. DATA: 01/08/2024. HORÁRIO DE BRASÍLIA: 08h30min. ENDEREÇO ELETRÔNICO: www.licitanet.com.br. O Edital contendo as instruções estará à disposição dos interessados na sede da Prefeitura Municipal de Barra do Garças-MT, no horário das 07h00min às 11h00min e das 13h00min às 17h00min horas, no site da prefeitura, www.barradogarcas.mt.gov.br, no www.licitanet.com.br e através do e-mail licitacao@barradogarcas.mt.gov.br. Barra do Garças-MT, 17 de julho de 2024.
Dheiky Nascimento Milhomem
Agente de Contratação Portaria nº. 21.375 de 17 de junho de 2024
BIOMASSA GIACOMELLI & FILHOS LTDA, CNPJ 42.535.700/0002-01, vem através deste, tornar público que solicitou à SEMA/MT, a L.A.C. para Licença por Adesão e Compromisso de Picador Florestal Móvel, no imóvel rural denominado SIMON AGROPECUÁRIA LTDA, localizado na zona rural do município de Santo Carmem/MT, SIMCAR nº MT211200/2022. Não foi solicitado EIA/RIMA.
BIOMASSA GIACOMELLI & FILHOS LTDA, CNPJ 42.535.700/0002-01, vem através deste, tornar público que solicitou à SEMA/MT, a L.A.C. para licenciamento das atividades de Picador Florestal Móvel, no imóvel rural denominado FAZENDA CAIBI I, localizado na zona rural do município de Feliz Natal/MT, SIMCAR nº MT6458/2017. Não foi solicitado EIA/RIMA.
ANTÔNIO FELISBIANO DOS SANTOS LTDA, CPF Nº 160.264.621-04, torna público que requer a Secretaria de Estado de Meio Ambiente – SEMA/MT, a Licença por Adesão e Compromisso (LAC) para atividade de Telhados Rurais de servidão no Loteamento Condomínio Residencial Beira Rio "O Kintal I", localizado nas coordenadas 15°49'59,99" S 56°06'15,48", endereço: Rua 21, S/N, Bairro Peixinho, CEP: 78.180-000, Santo Antônio do Leverger/MT.
